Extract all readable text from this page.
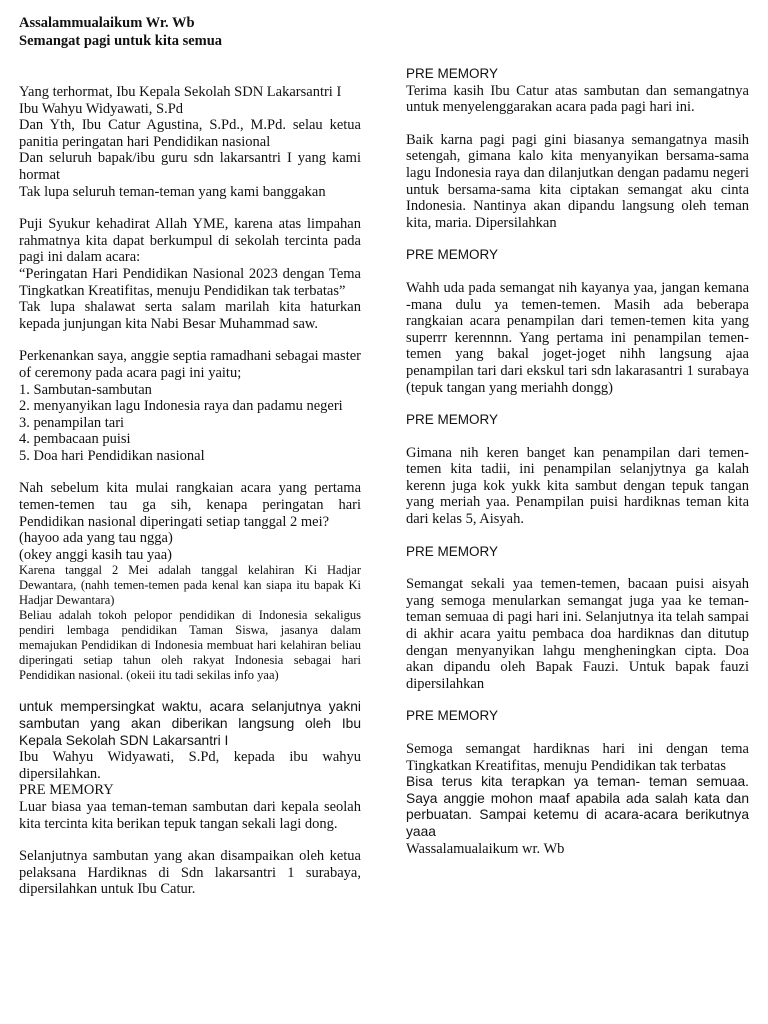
Assalammualaikum Wr. Wb
Semangat pagi untuk kita semua

Yang terhormat, Ibu Kepala Sekolah SDN Lakarsantri I

Ibu Wahyu Widyawati, S.Pd

Dan Yth, Ibu Catur Agustina, S.Pd., M.Pd. selau ketua panitia peringatan hari Pendidikan nasional

Dan seluruh bapak/ibu guru sdn lakarsantri I yang kami hormat

Tak lupa seluruh teman-teman yang kami banggakan

Puji Syukur kehadirat Allah YME, karena atas limpahan rahmatnya kita dapat berkumpul di sekolah tercinta pada pagi ini dalam acara:

“Peringatan Hari Pendidikan Nasional 2023 dengan Tema Tingkatkan Kreatifitas, menuju Pendidikan tak terbatas”

Tak lupa shalawat serta salam marilah kita haturkan kepada junjungan kita Nabi Besar Muhammad saw.

Perkenankan saya, anggie septia ramadhani sebagai master of ceremony pada acara pagi ini yaitu;

1. Sambutan-sambutan

2. menyanyikan lagu Indonesia raya dan padamu negeri

3. penampilan tari

4. pembacaan puisi

5. Doa hari Pendidikan nasional

Nah sebelum kita mulai rangkaian acara yang pertama temen-temen tau ga sih, kenapa peringatan hari Pendidikan nasional diperingati setiap tanggal 2 mei?

(hayoo ada yang tau ngga)

(okey anggi kasih tau yaa)

Karena tanggal 2 Mei adalah tanggal kelahiran Ki Hadjar Dewantara, (nahh temen-temen pada kenal kan siapa itu bapak Ki Hadjar Dewantara)

Beliau adalah tokoh pelopor pendidikan di Indonesia sekaligus pendiri lembaga pendidikan Taman Siswa, jasanya dalam memajukan Pendidikan di Indonesia membuat hari kelahiran beliau diperingati setiap tahun oleh rakyat Indonesia sebagai hari Pendidikan nasional. (okeii itu tadi sekilas info yaa)

untuk mempersingkat waktu, acara selanjutnya yakni sambutan yang akan diberikan langsung oleh Ibu Kepala Sekolah SDN Lakarsantri I

Ibu Wahyu Widyawati, S.Pd, kepada ibu wahyu dipersilahkan.

PRE MEMORY

Luar biasa yaa teman-teman sambutan dari kepala seolah kita tercinta kita berikan tepuk tangan sekali lagi dong.

Selanjutnya sambutan yang akan disampaikan oleh ketua pelaksana Hardiknas di Sdn lakarsantri 1 surabaya, dipersilahkan untuk Ibu Catur.

PRE MEMORY

Terima kasih Ibu Catur atas sambutan dan semangatnya untuk menyelenggarakan acara pada pagi hari ini.

Baik karna pagi pagi gini biasanya semangatnya masih setengah, gimana kalo kita menyanyikan bersama-sama lagu Indonesia raya dan dilanjutkan dengan padamu negeri untuk bersama-sama kita ciptakan semangat aku cinta Indonesia. Nantinya akan dipandu langsung oleh teman kita, maria. Dipersilahkan

PRE MEMORY

Wahh uda pada semangat nih kayanya yaa, jangan kemana -mana dulu ya temen-temen. Masih ada beberapa rangkaian acara penampilan dari temen-temen kita yang superrr kerennnn. Yang pertama ini penampilan temen-temen yang bakal joget-joget nihh langsung ajaa penampilan tari dari ekskul tari sdn lakarasantri 1 surabaya (tepuk tangan yang meriahh dongg)

PRE MEMORY

Gimana nih keren banget kan penampilan dari temen-temen kita tadii, ini penampilan selanjytnya ga kalah kerenn juga kok yukk kita sambut dengan tepuk tangan yang meriah yaa. Penampilan puisi hardiknas teman kita dari kelas 5, Aisyah.

PRE MEMORY

Semangat sekali yaa temen-temen, bacaan puisi aisyah yang semoga menularkan semangat juga yaa ke teman-teman semuaa di pagi hari ini. Selanjutnya ita telah sampai di akhir acara yaitu pembaca doa hardiknas dan ditutup dengan menyanyikan lahgu mengheningkan cipta. Doa akan dipandu oleh Bapak Fauzi. Untuk bapak fauzi dipersilahkan

PRE MEMORY

Semoga semangat hardiknas hari ini dengan tema Tingkatkan Kreatifitas, menuju Pendidikan tak terbatas

Bisa terus kita terapkan ya teman- teman semuaa. Saya anggie mohon maaf apabila ada salah kata dan perbuatan. Sampai ketemu di acara-acara berikutnya yaaa

Wassalamualaikum wr. Wb
